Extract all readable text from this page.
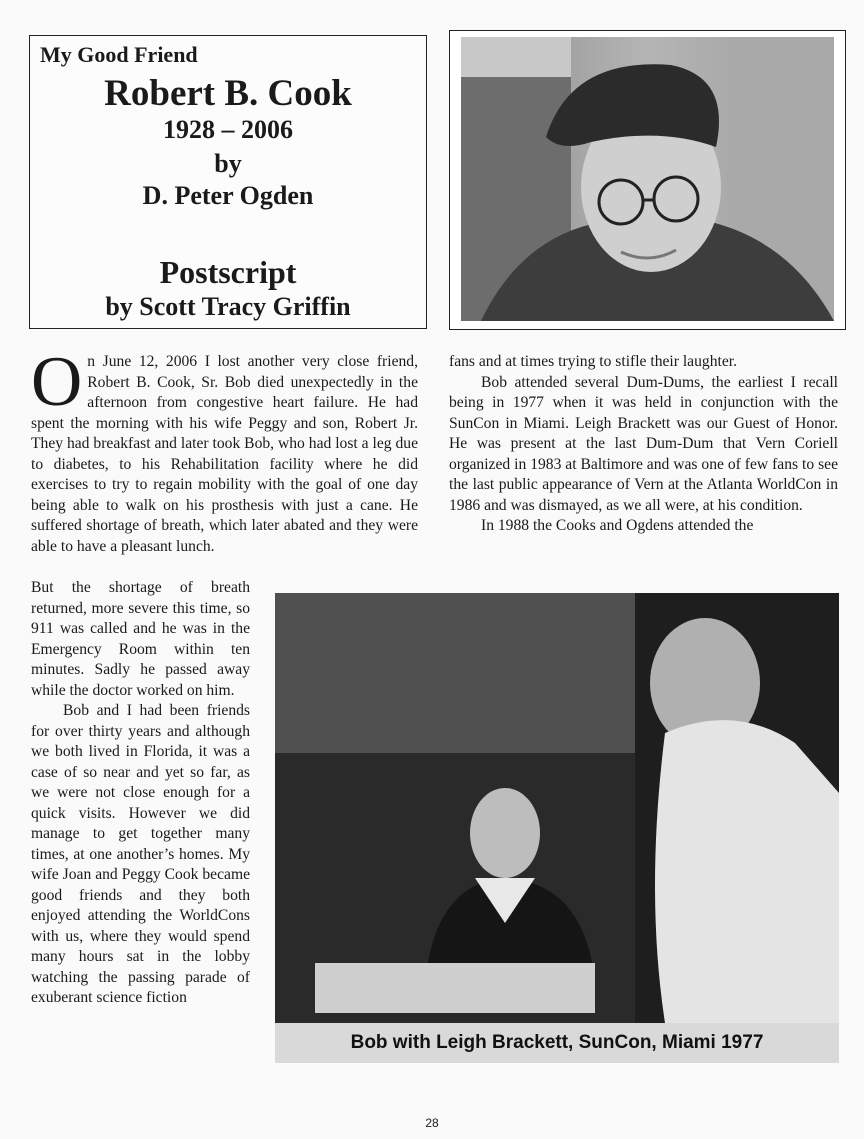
My Good Friend
Robert B. Cook
1928 – 2006
by
D. Peter Ogden
Postscript
by Scott Tracy Griffin

On June 12, 2006 I lost another very close friend, Robert B. Cook, Sr. Bob died unexpectedly in the afternoon from congestive heart failure. He had spent the morning with his wife Peggy and son, Robert Jr. They had breakfast and later took Bob, who had lost a leg due to diabetes, to his Rehabilitation facility where he did exercises to try to regain mobility with the goal of one day being able to walk on his prosthesis with just a cane. He suffered shortage of breath, which later abated and they were able to have a pleasant lunch.

But the shortage of breath returned, more severe this time, so 911 was called and he was in the Emergency Room within ten minutes. Sadly he passed away while the doctor worked on him.

Bob and I had been friends for over thirty years and although we both lived in Florida, it was a case of so near and yet so far, as we were not close enough for a quick visits. However we did manage to get together many times, at one another’s homes. My wife Joan and Peggy Cook became good friends and they both enjoyed attending the WorldCons with us, where they would spend many hours sat in the lobby watching the passing parade of exuberant science fiction

fans and at times trying to stifle their laughter.

Bob attended several Dum-Dums, the earliest I recall being in 1977 when it was held in conjunction with the SunCon in Miami. Leigh Brackett was our Guest of Honor. He was present at the last Dum-Dum that Vern Coriell organized in 1983 at Baltimore and was one of few fans to see the last public appearance of Vern at the Atlanta WorldCon in 1986 and was dismayed, as we all were, at his condition.

In 1988 the Cooks and Ogdens attended the

Bob with Leigh Brackett, SunCon, Miami 1977
28
